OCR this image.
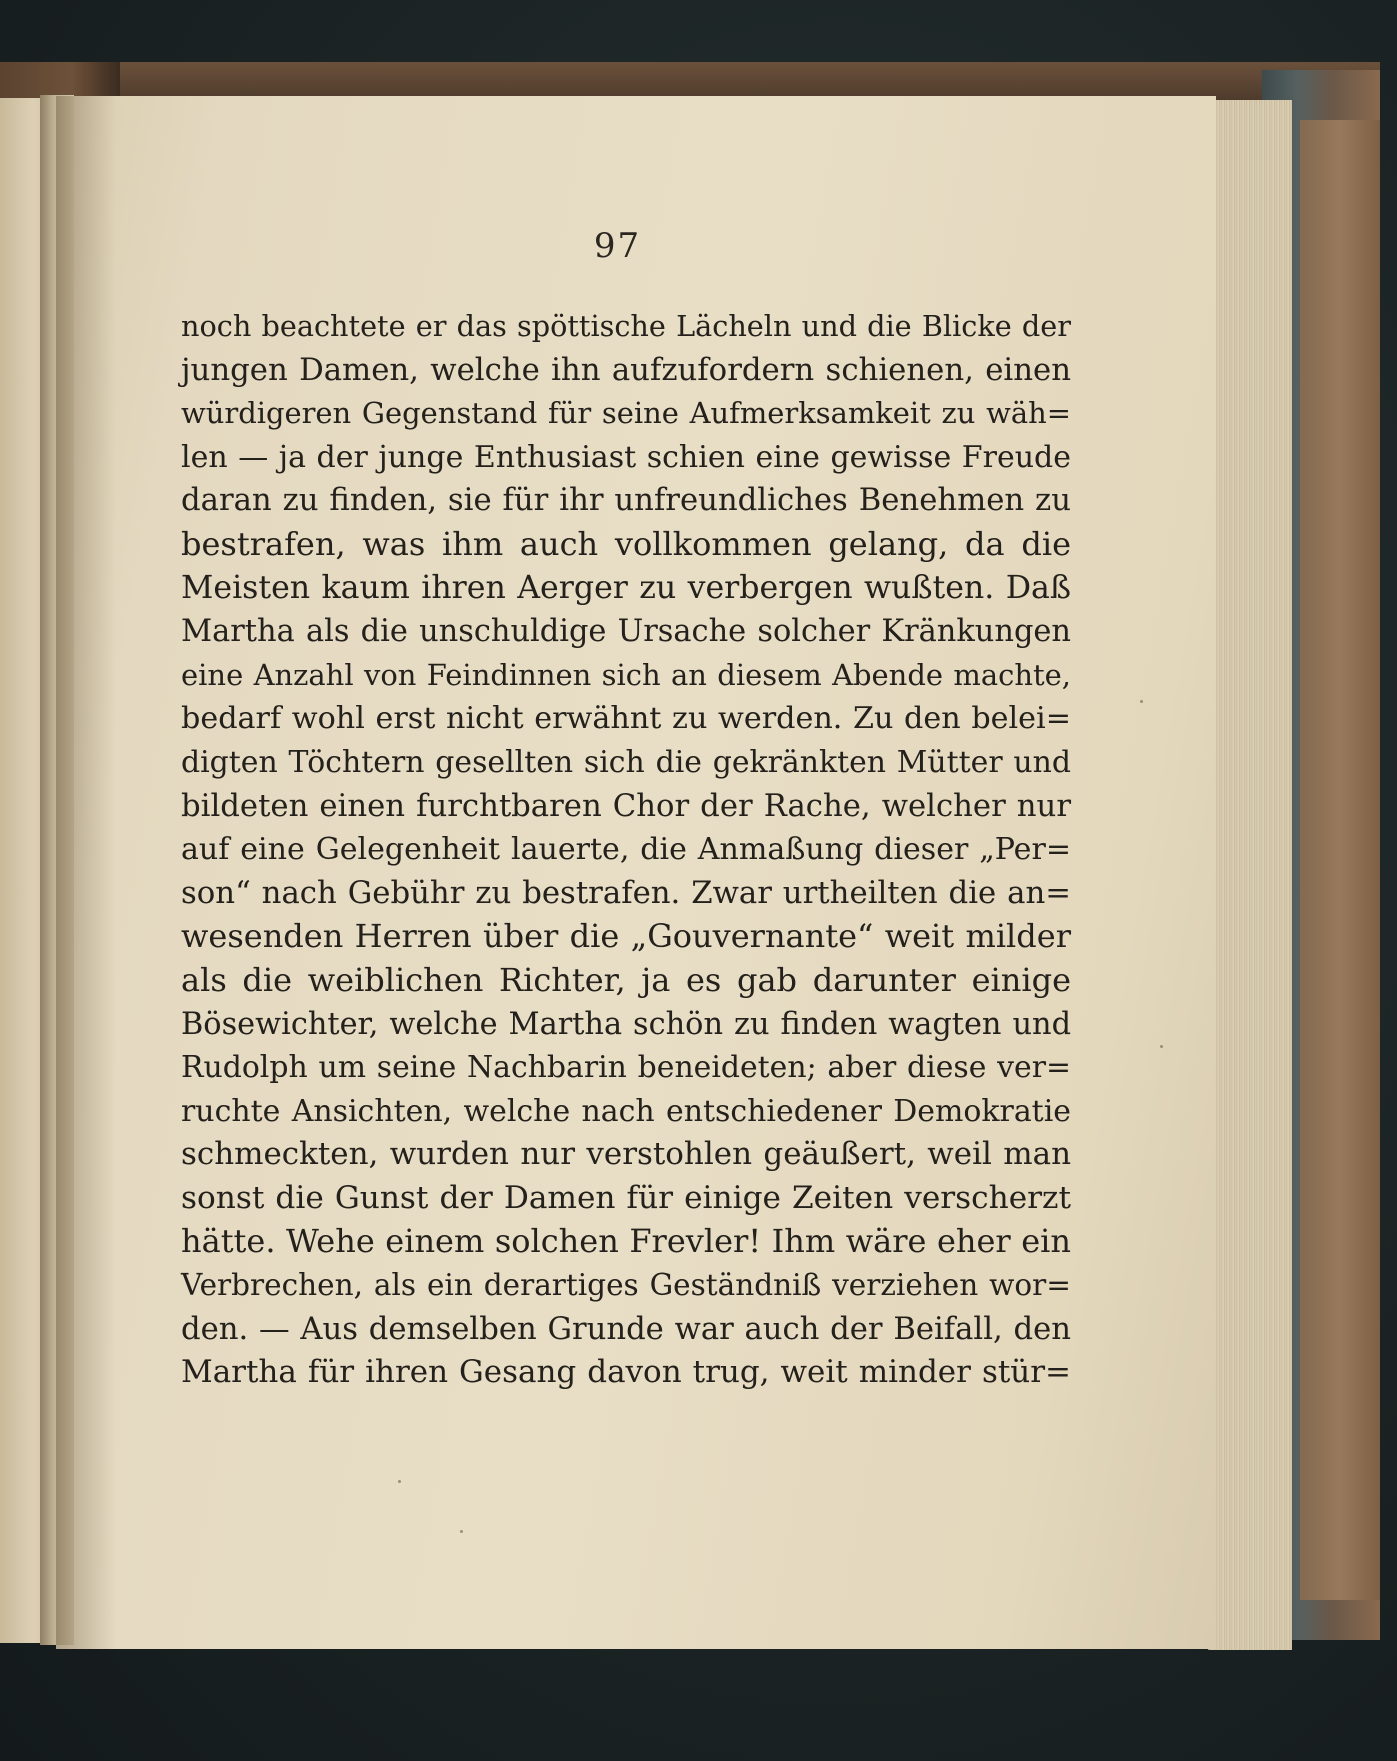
97
noch beachtete er das spöttische Lächeln und die Blicke der
jungen Damen, welche ihn aufzufordern schienen, einen
würdigeren Gegenstand für seine Aufmerksamkeit zu wäh=
len — ja der junge Enthusiast schien eine gewisse Freude
daran zu finden, sie für ihr unfreundliches Benehmen zu
bestrafen, was ihm auch vollkommen gelang, da die
Meisten kaum ihren Aerger zu verbergen wußten. Daß
Martha als die unschuldige Ursache solcher Kränkungen
eine Anzahl von Feindinnen sich an diesem Abende machte,
bedarf wohl erst nicht erwähnt zu werden. Zu den belei=
digten Töchtern gesellten sich die gekränkten Mütter und
bildeten einen furchtbaren Chor der Rache, welcher nur
auf eine Gelegenheit lauerte, die Anmaßung dieser „Per=
son“ nach Gebühr zu bestrafen. Zwar urtheilten die an=
wesenden Herren über die „Gouvernante“ weit milder
als die weiblichen Richter, ja es gab darunter einige
Bösewichter, welche Martha schön zu finden wagten und
Rudolph um seine Nachbarin beneideten; aber diese ver=
ruchte Ansichten, welche nach entschiedener Demokratie
schmeckten, wurden nur verstohlen geäußert, weil man
sonst die Gunst der Damen für einige Zeiten verscherzt
hätte. Wehe einem solchen Frevler! Ihm wäre eher ein
Verbrechen, als ein derartiges Geständniß verziehen wor=
den. — Aus demselben Grunde war auch der Beifall, den
Martha für ihren Gesang davon trug, weit minder stür=
